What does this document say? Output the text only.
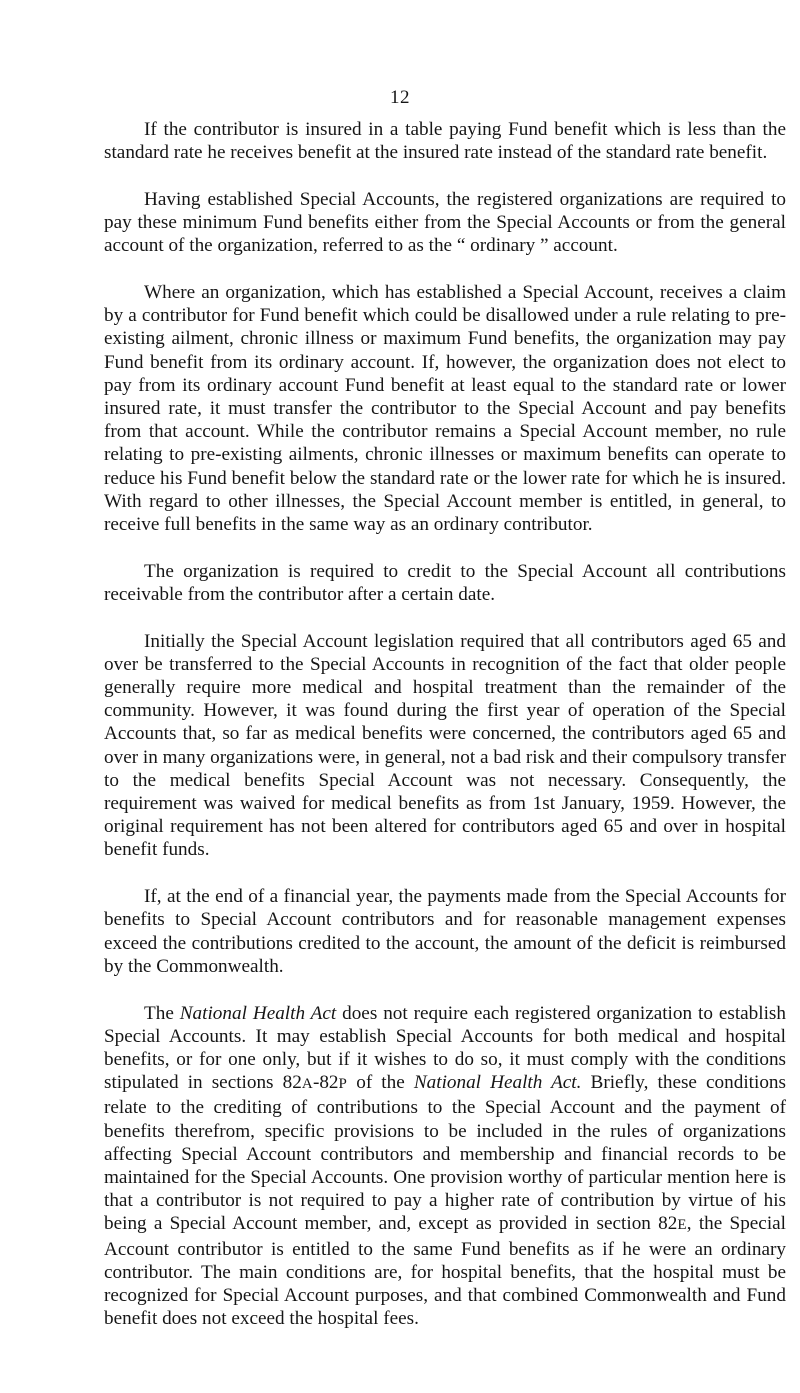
12

If the contributor is insured in a table paying Fund benefit which is less than the standard rate he receives benefit at the insured rate instead of the standard rate benefit.

Having established Special Accounts, the registered organizations are required to pay these minimum Fund benefits either from the Special Accounts or from the general account of the organization, referred to as the “ ordinary ” account.

Where an organization, which has established a Special Account, receives a claim by a contributor for Fund benefit which could be disallowed under a rule relating to pre-existing ailment, chronic illness or maximum Fund benefits, the organization may pay Fund benefit from its ordinary account. If, however, the organization does not elect to pay from its ordinary account Fund benefit at least equal to the standard rate or lower insured rate, it must transfer the contributor to the Special Account and pay benefits from that account. While the contributor remains a Special Account member, no rule relating to pre-existing ailments, chronic illnesses or maximum benefits can operate to reduce his Fund benefit below the standard rate or the lower rate for which he is insured. With regard to other illnesses, the Special Account member is entitled, in general, to receive full benefits in the same way as an ordinary contributor.

The organization is required to credit to the Special Account all contributions receivable from the contributor after a certain date.

Initially the Special Account legislation required that all contributors aged 65 and over be transferred to the Special Accounts in recognition of the fact that older people generally require more medical and hospital treatment than the remainder of the community. However, it was found during the first year of operation of the Special Accounts that, so far as medical benefits were concerned, the contributors aged 65 and over in many organizations were, in general, not a bad risk and their compulsory transfer to the medical benefits Special Account was not necessary. Consequently, the requirement was waived for medical benefits as from 1st January, 1959. However, the original requirement has not been altered for contributors aged 65 and over in hospital benefit funds.

If, at the end of a financial year, the payments made from the Special Accounts for benefits to Special Account contributors and for reasonable management expenses exceed the contributions credited to the account, the amount of the deficit is reimbursed by the Commonwealth.

The National Health Act does not require each registered organization to establish Special Accounts. It may establish Special Accounts for both medical and hospital benefits, or for one only, but if it wishes to do so, it must comply with the conditions stipulated in sections 82A-82P of the National Health Act. Briefly, these conditions relate to the crediting of contributions to the Special Account and the payment of benefits therefrom, specific provisions to be included in the rules of organizations affecting Special Account contributors and membership and financial records to be maintained for the Special Accounts. One provision worthy of particular mention here is that a contributor is not required to pay a higher rate of contribution by virtue of his being a Special Account member, and, except as provided in section 82E, the Special Account contributor is entitled to the same Fund benefits as if he were an ordinary contributor. The main conditions are, for hospital benefits, that the hospital must be recognized for Special Account purposes, and that combined Commonwealth and Fund benefit does not exceed the hospital fees.
